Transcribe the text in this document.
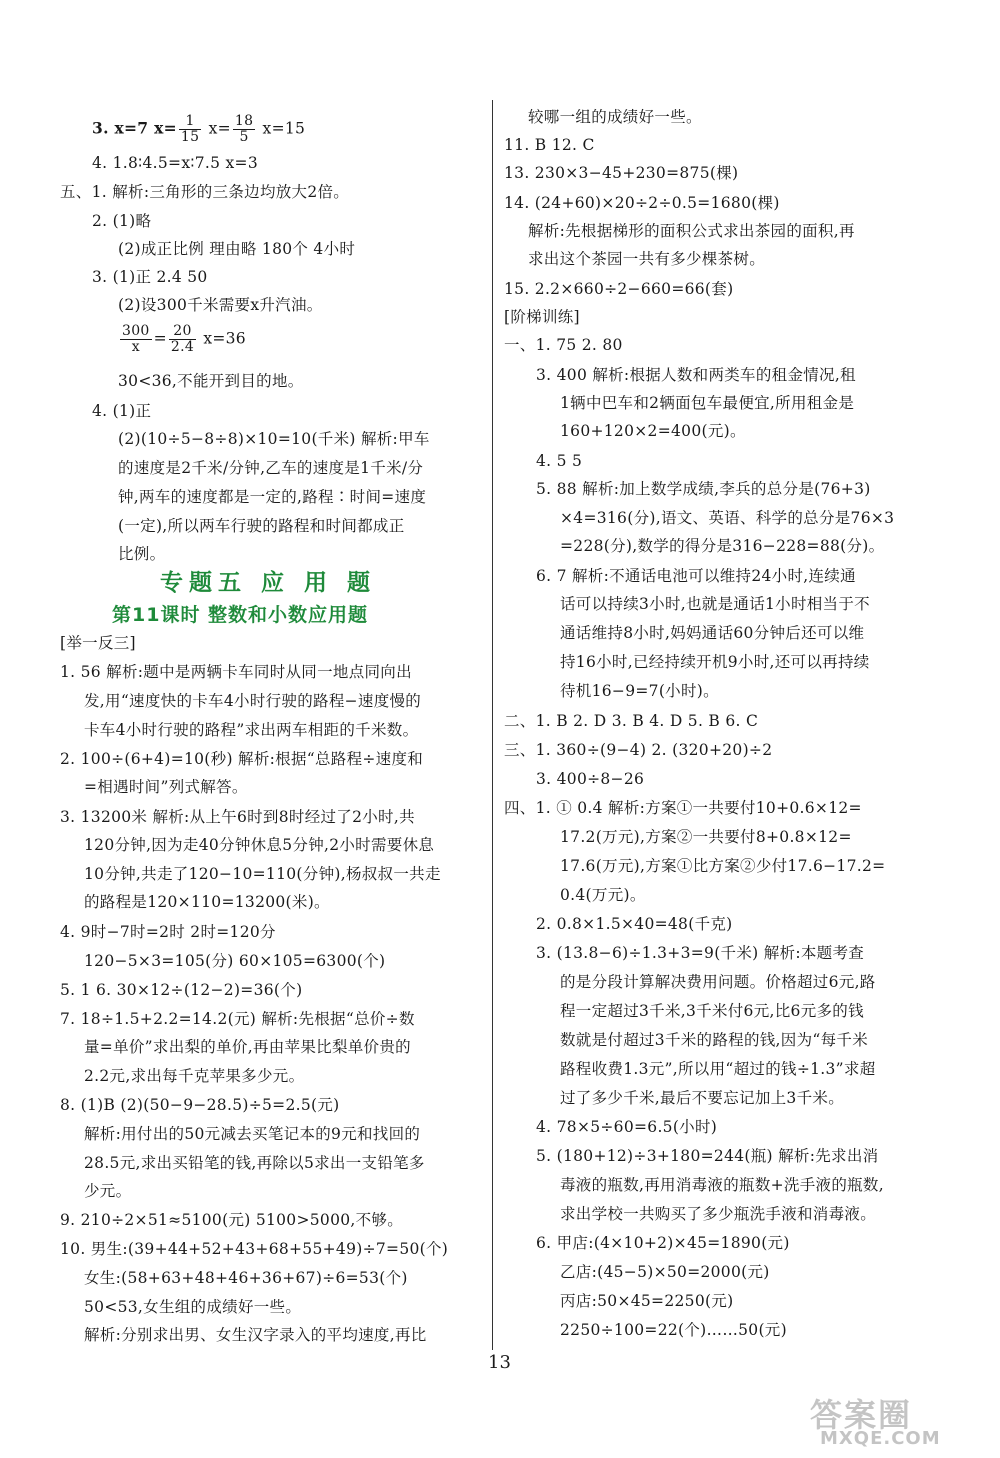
3. x=7 $x= \frac{1}{15} x= \frac{18}{5} x=15$
4. 1.8∶4.5=x∶7.5 x=3
五、1. 解析:三角形的三条边均放大2倍。
2. (1)略
(2)成正比例 理由略 180个 4小时
3. (1)正 2.4 50
(2)设300千米需要x升汽油。
$\frac{300}{x} = \frac{20}{2.4} x=36$
30<36,不能开到目的地。
4. (1)正
(2)(10÷5−8÷8)×10=10(千米) 解析:甲车
的速度是2千米/分钟,乙车的速度是1千米/分
钟,两车的速度都是一定的,路程∶时间=速度
(一定),所以两车行驶的路程和时间都成正
比例。
专题五 应 用 题
第11课时 整数和小数应用题
[举一反三]
1. 56 解析:题中是两辆卡车同时从同一地点同向出
发,用“速度快的卡车4小时行驶的路程−速度慢的
卡车4小时行驶的路程”求出两车相距的千米数。
2. 100÷(6+4)=10(秒) 解析:根据“总路程÷速度和
=相遇时间”列式解答。
3. 13200米 解析:从上午6时到8时经过了2小时,共
120分钟,因为走40分钟休息5分钟,2小时需要休息
10分钟,共走了120−10=110(分钟),杨叔叔一共走
的路程是120×110=13200(米)。
4. 9时−7时=2时 2时=120分
120−5×3=105(分) 60×105=6300(个)
5. 1 6. 30×12÷(12−2)=36(个)
7. 18÷1.5+2.2=14.2(元) 解析:先根据“总价÷数
量=单价”求出梨的单价,再由苹果比梨单价贵的
2.2元,求出每千克苹果多少元。
8. (1)B (2)(50−9−28.5)÷5=2.5(元)
解析:用付出的50元减去买笔记本的9元和找回的
28.5元,求出买铅笔的钱,再除以5求出一支铅笔多
少元。
9. 210÷2×51≈5100(元) 5100>5000,不够。
10. 男生:(39+44+52+43+68+55+49)÷7=50(个)
女生:(58+63+48+46+36+67)÷6=53(个)
50<53,女生组的成绩好一些。
解析:分别求出男、女生汉字录入的平均速度,再比
较哪一组的成绩好一些。
11. B 12. C
13. 230×3−45+230=875(棵)
14. (24+60)×20÷2÷0.5=1680(棵)
解析:先根据梯形的面积公式求出茶园的面积,再
求出这个茶园一共有多少棵茶树。
15. 2.2×660÷2−660=66(套)
[阶梯训练]
一、1. 75 2. 80
3. 400 解析:根据人数和两类车的租金情况,租
1辆中巴车和2辆面包车最便宜,所用租金是
160+120×2=400(元)。
4. 5 5
5. 88 解析:加上数学成绩,李兵的总分是(76+3)
×4=316(分),语文、英语、科学的总分是76×3
=228(分),数学的得分是316−228=88(分)。
6. 7 解析:不通话电池可以维持24小时,连续通
话可以持续3小时,也就是通话1小时相当于不
通话维持8小时,妈妈通话60分钟后还可以维
持16小时,已经持续开机9小时,还可以再持续
待机16−9=7(小时)。
二、1. B 2. D 3. B 4. D 5. B 6. C
三、1. 360÷(9−4) 2. (320+20)÷2
3. 400÷8−26
四、1. ① 0.4 解析:方案①一共要付10+0.6×12=
17.2(万元),方案②一共要付8+0.8×12=
17.6(万元),方案①比方案②少付17.6−17.2=
0.4(万元)。
2. 0.8×1.5×40=48(千克)
3. (13.8−6)÷1.3+3=9(千米) 解析:本题考查
的是分段计算解决费用问题。价格超过6元,路
程一定超过3千米,3千米付6元,比6元多的钱
数就是付超过3千米的路程的钱,因为“每千米
路程收费1.3元”,所以用“超过的钱÷1.3”求超
过了多少千米,最后不要忘记加上3千米。
4. 78×5÷60=6.5(小时)
5. (180+12)÷3+180=244(瓶) 解析:先求出消
毒液的瓶数,再用消毒液的瓶数+洗手液的瓶数,
求出学校一共购买了多少瓶洗手液和消毒液。
6. 甲店:(4×10+2)×45=1890(元)
乙店:(45−5)×50=2000(元)
丙店:50×45=2250(元)
2250÷100=22(个)……50(元)
13
答案圈
MXQE.COM
